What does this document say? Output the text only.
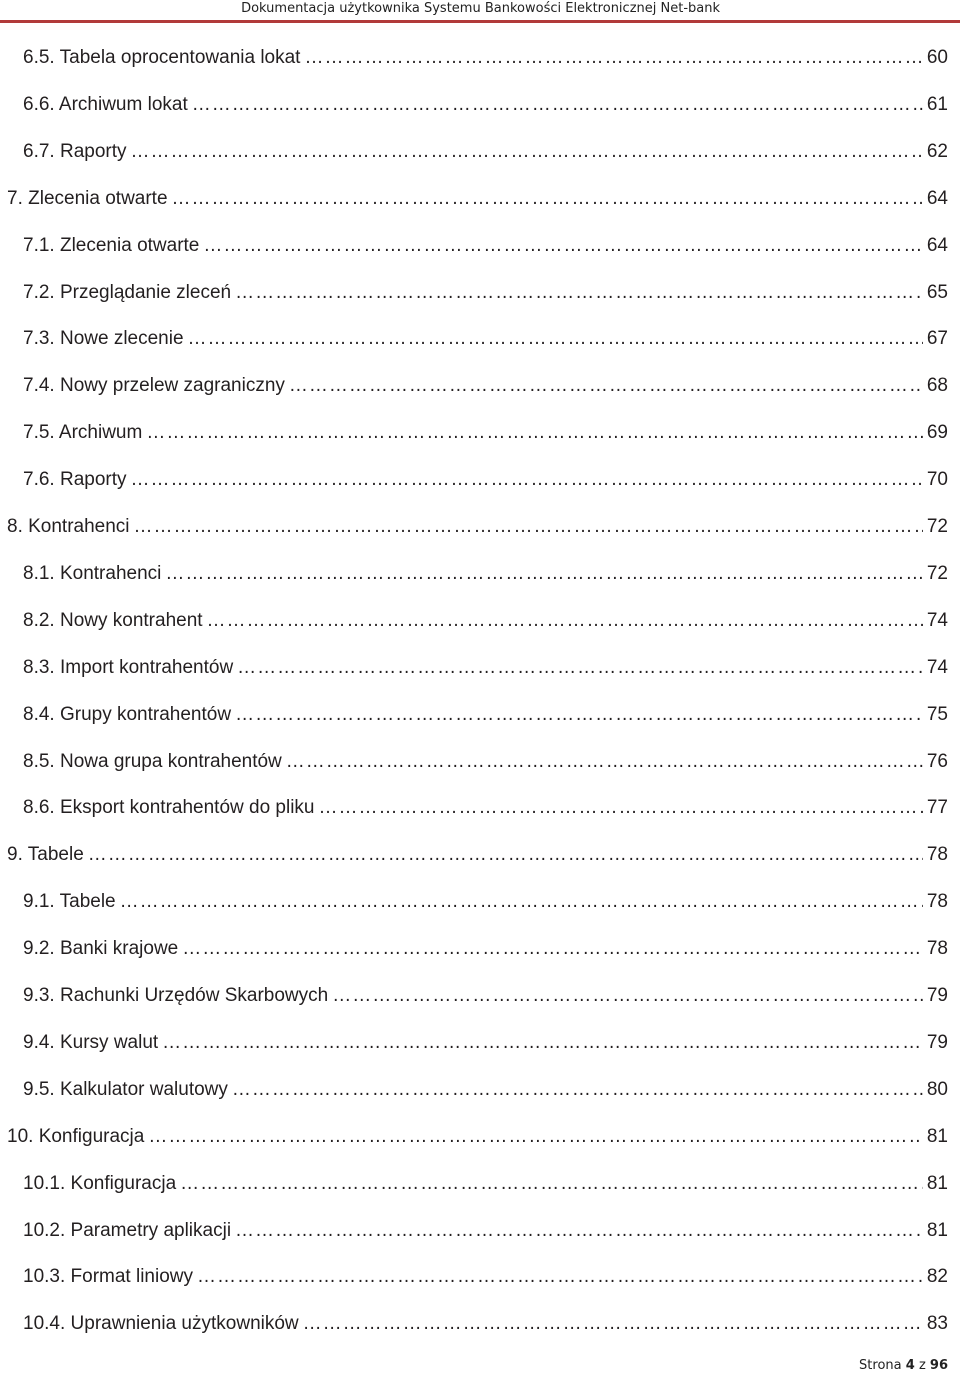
Dokumentacja użytkownika Systemu Bankowości Elektronicznej Net-bank
6.5. Tabela oprocentowania lokat …………………………………………………………………………………………………………………………………………………………………………………………………………………………………………………	60
6.6. Archiwum lokat …………………………………………………………………………………………………………………………………………………………………………………………………………………………………………………	61
6.7. Raporty …………………………………………………………………………………………………………………………………………………………………………………………………………………………………………………	62
7. Zlecenia otwarte …………………………………………………………………………………………………………………………………………………………………………………………………………………………………………………	64
7.1. Zlecenia otwarte …………………………………………………………………………………………………………………………………………………………………………………………………………………………………………………	64
7.2. Przeglądanie zleceń …………………………………………………………………………………………………………………………………………………………………………………………………………………………………………………	65
7.3. Nowe zlecenie …………………………………………………………………………………………………………………………………………………………………………………………………………………………………………………	67
7.4. Nowy przelew zagraniczny …………………………………………………………………………………………………………………………………………………………………………………………………………………………………………………	68
7.5. Archiwum …………………………………………………………………………………………………………………………………………………………………………………………………………………………………………………	69
7.6. Raporty …………………………………………………………………………………………………………………………………………………………………………………………………………………………………………………	70
8. Kontrahenci …………………………………………………………………………………………………………………………………………………………………………………………………………………………………………………	72
8.1. Kontrahenci …………………………………………………………………………………………………………………………………………………………………………………………………………………………………………………	72
8.2. Nowy kontrahent …………………………………………………………………………………………………………………………………………………………………………………………………………………………………………………	74
8.3. Import kontrahentów …………………………………………………………………………………………………………………………………………………………………………………………………………………………………………………	74
8.4. Grupy kontrahentów …………………………………………………………………………………………………………………………………………………………………………………………………………………………………………………	75
8.5. Nowa grupa kontrahentów …………………………………………………………………………………………………………………………………………………………………………………………………………………………………………………	76
8.6. Eksport kontrahentów do pliku …………………………………………………………………………………………………………………………………………………………………………………………………………………………………………………	77
9. Tabele …………………………………………………………………………………………………………………………………………………………………………………………………………………………………………………	78
9.1. Tabele …………………………………………………………………………………………………………………………………………………………………………………………………………………………………………………	78
9.2. Banki krajowe …………………………………………………………………………………………………………………………………………………………………………………………………………………………………………………	78
9.3. Rachunki Urzędów Skarbowych …………………………………………………………………………………………………………………………………………………………………………………………………………………………………………………	79
9.4. Kursy walut …………………………………………………………………………………………………………………………………………………………………………………………………………………………………………………	79
9.5. Kalkulator walutowy …………………………………………………………………………………………………………………………………………………………………………………………………………………………………………………	80
10. Konfiguracja …………………………………………………………………………………………………………………………………………………………………………………………………………………………………………………	81
10.1. Konfiguracja …………………………………………………………………………………………………………………………………………………………………………………………………………………………………………………	81
10.2. Parametry aplikacji …………………………………………………………………………………………………………………………………………………………………………………………………………………………………………………	81
10.3. Format liniowy …………………………………………………………………………………………………………………………………………………………………………………………………………………………………………………	82
10.4. Uprawnienia użytkowników …………………………………………………………………………………………………………………………………………………………………………………………………………………………………………………	83
Strona 4 z 96
